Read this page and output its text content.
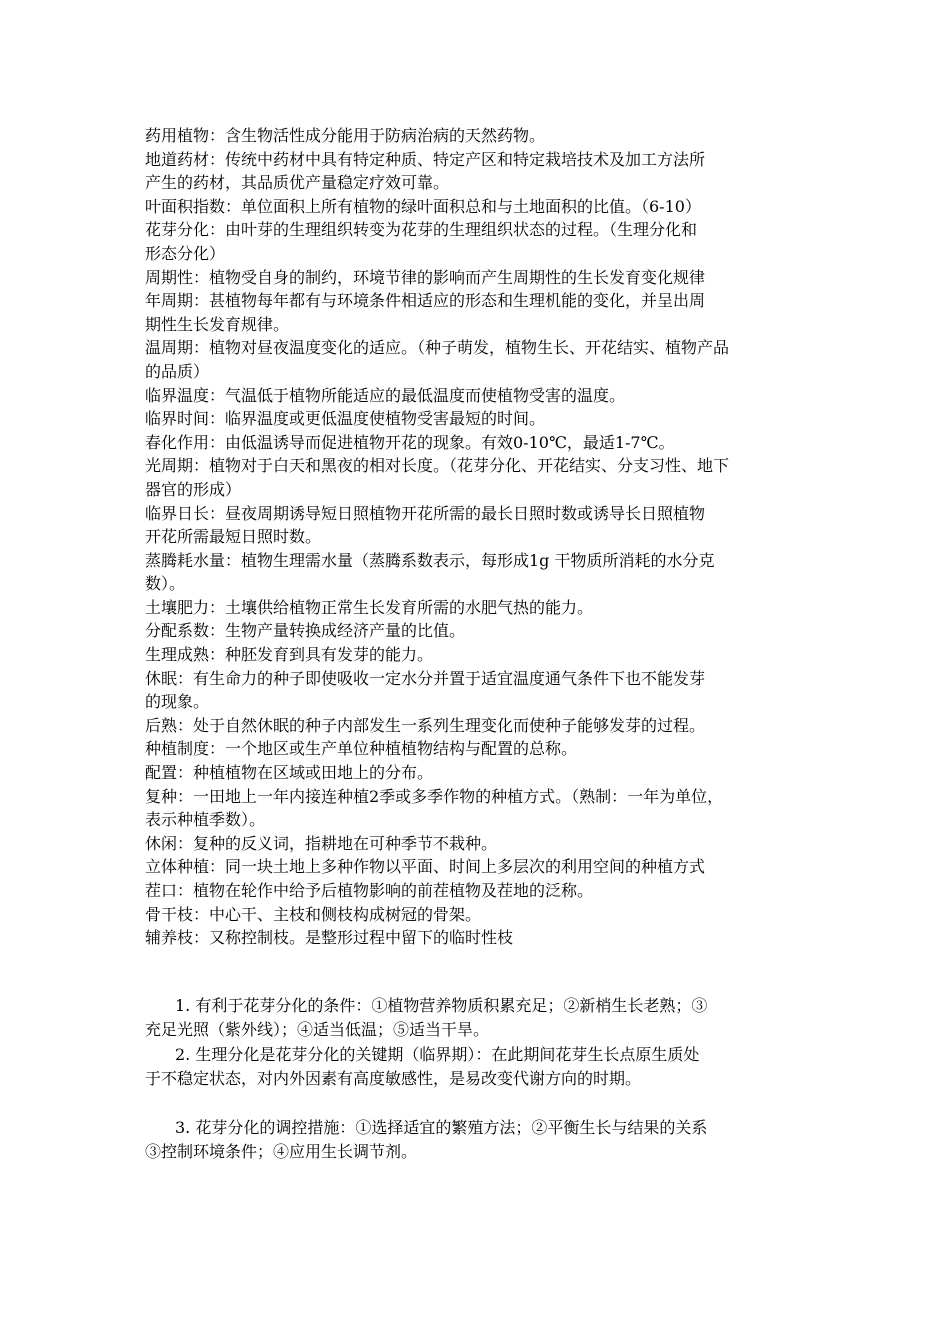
药用植物：含生物活性成分能用于防病治病的天然药物。
地道药材：传统中药材中具有特定种质、特定产区和特定栽培技术及加工方法所
产生的药材，其品质优产量稳定疗效可靠。
叶面积指数：单位面积上所有植物的绿叶面积总和与土地面积的比值。（6-10）
花芽分化：由叶芽的生理组织转变为花芽的生理组织状态的过程。（生理分化和
形态分化）
周期性：植物受自身的制约，环境节律的影响而产生周期性的生长发育变化规律
年周期：甚植物每年都有与环境条件相适应的形态和生理机能的变化，并呈出周
期性生长发育规律。
温周期：植物对昼夜温度变化的适应。（种子萌发，植物生长、开花结实、植物产品
的品质）
临界温度：气温低于植物所能适应的最低温度而使植物受害的温度。
临界时间：临界温度或更低温度使植物受害最短的时间。
春化作用：由低温诱导而促进植物开花的现象。有效0-10℃，最适1-7℃。
光周期：植物对于白天和黑夜的相对长度。（花芽分化、开花结实、分支习性、地下
器官的形成）
临界日长：昼夜周期诱导短日照植物开花所需的最长日照时数或诱导长日照植物
开花所需最短日照时数。
蒸腾耗水量：植物生理需水量（蒸腾系数表示，每形成1g 干物质所消耗的水分克
数）。
土壤肥力：土壤供给植物正常生长发育所需的水肥气热的能力。
分配系数：生物产量转换成经济产量的比值。
生理成熟：种胚发育到具有发芽的能力。
休眠：有生命力的种子即使吸收一定水分并置于适宜温度通气条件下也不能发芽
的现象。
后熟：处于自然休眠的种子内部发生一系列生理变化而使种子能够发芽的过程。
种植制度：一个地区或生产单位种植植物结构与配置的总称。
配置：种植植物在区域或田地上的分布。
复种：一田地上一年内接连种植2季或多季作物的种植方式。（熟制：一年为单位，
表示种植季数）。
休闲：复种的反义词，指耕地在可种季节不栽种。
立体种植：同一块土地上多种作物以平面、时间上多层次的利用空间的种植方式
茬口：植物在轮作中给予后植物影响的前茬植物及茬地的泛称。
骨干枝：中心干、主枝和侧枝构成树冠的骨架。
辅养枝：又称控制枝。是整形过程中留下的临时性枝
1. 有利于花芽分化的条件：①植物营养物质积累充足；②新梢生长老熟；③
充足光照（紫外线）；④适当低温；⑤适当干旱。
2. 生理分化是花芽分化的关键期（临界期）：在此期间花芽生长点原生质处
于不稳定状态，对内外因素有高度敏感性，是易改变代谢方向的时期。
3. 花芽分化的调控措施：①选择适宜的繁殖方法；②平衡生长与结果的关系
③控制环境条件；④应用生长调节剂。
